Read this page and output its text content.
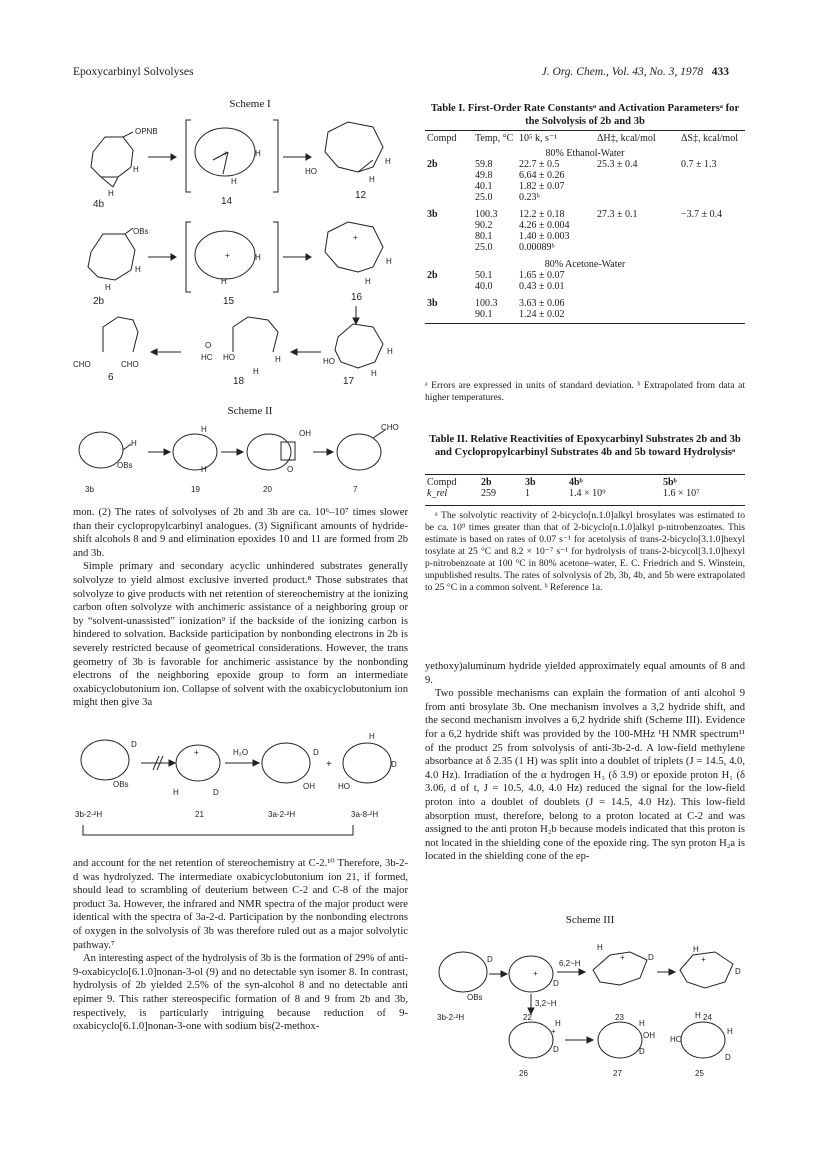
Epoxycarbinyl Solvolyses	J. Org. Chem., Vol. 43, No. 3, 1978 433
Scheme I
OPNB
H
H
4b
+	H
H
14
H
HO
H
12
OBs
H
H
2b
+	H
H
15
+
H
H
16
CHO	CHO
6
O
HC HO	H
H
18
HO
H
H
17
Scheme II
H
OBs
3b
H
H
19
OH
O
20
CHO
7

mon. (2) The rates of solvolyses of 2b and 3b are ca. 10⁶–10⁷ times slower than their cyclopropylcarbinyl analogues. (3) Significant amounts of hydride-shift alcohols 8 and 9 and elimination epoxides 10 and 11 are formed from 2b and 3b.

Simple primary and secondary acyclic unhindered substrates generally solvolyze to yield almost exclusive inverted product.⁸ Those substrates that solvolyze to give products with net retention of stereochemistry at the ionizing carbon often solvolyze with anchimeric assistance of a neighboring group or by “solvent-unassisted” ionization⁹ if the backside of the ionizing carbon is hindered to solvation. Backside participation by nonbonding electrons in 2b is severely restricted because of geometrical considerations. However, the trans geometry of 3b is favorable for anchimeric assistance by the nonbonding electrons of the neighboring epoxide group to form an intermediate oxabicyclobutonium ion. Collapse of solvent with the oxabicyclobutonium ion might then give 3a

D
OBs
3b-2-²H
+
H	D
21
H₂O	D
OH
3a-2-²H
+
H
D
HO
3a-8-²H

and account for the net retention of stereochemistry at C-2.¹⁰ Therefore, 3b-2-d was hydrolyzed. The intermediate oxabicyclobutonium ion 21, if formed, should lead to scrambling of deuterium between C-2 and C-8 of the major product 3a. However, the infrared and NMR spectra of the major product were identical with the spectra of 3a-2-d. Participation by the nonbonding electrons of oxygen in the solvolysis of 3b was therefore ruled out as a major solvolytic pathway.⁷

An interesting aspect of the hydrolysis of 3b is the formation of 29% of anti-9-oxabicyclo[6.1.0]nonan-3-ol (9) and no detectable syn isomer 8. In contrast, hydrolysis of 2b yielded 2.5% of the syn-alcohol 8 and no detectable anti epimer 9. This rather stereospecific formation of 8 and 9 from 2b and 3b, respectively, is particularly intriguing because reduction of 9-oxabicyclo[6.1.0]nonan-3-one with sodium bis(2-methox-

Table I. First-Order Rate Constantsᵃ and Activation Parametersᵃ for the Solvolysis of 2b and 3b
Compd	Temp, °C	10⁵ k, s⁻¹	ΔH‡, kcal/mol	ΔS‡, kcal/mol
80% Ethanol-Water				
2b	59.8	22.7 ± 0.5	25.3 ± 0.4	0.7 ± 1.3
	49.8	6.64 ± 0.26		
	40.1	1.82 ± 0.07		
	25.0	0.23ᵇ		
3b	100.3	12.2 ± 0.18	27.3 ± 0.1	−3.7 ± 0.4
	90.2	4.26 ± 0.004		
	80.1	1.40 ± 0.003		
	25.0	0.00089ᵇ		
80% Acetone-Water				
2b	50.1	1.65 ± 0.07		
	40.0	0.43 ± 0.01		
3b	100.3	3.63 ± 0.06		
	90.1	1.24 ± 0.02		

ᵃ Errors are expressed in units of standard deviation. ᵇ Extrapolated from data at higher temperatures.
Table II. Relative Reactivities of Epoxycarbinyl Substrates 2b and 3b and Cyclopropylcarbinyl Substrates 4b and 5b toward Hydrolysisᵃ
Compd	2b	3b	4bᵇ	5bᵇ
k_rel	259	1	1.4 × 10⁹	1.6 × 10⁷
ᵃ The solvolytic reactivity of 2-bicyclo[n.1.0]alkyl brosylates was estimated to be ca. 10⁹ times greater than that of 2-bicyclo[n.1.0]alkyl p-nitrobenzoates. This estimate is based on rates of 0.07 s⁻¹ for acetolysis of trans-2-bicyclo[3.1.0]hexyl tosylate at 25 °C and 8.2 × 10⁻⁷ s⁻¹ for hydrolysis of trans-2-bicycol[3.1.0]hexyl p-nitrobenzoate at 100 °C in 80% acetone–water, E. C. Friedrich and S. Winstein, unpublished results. The rates of solvolysis of 2b, 3b, 4b, and 5b were extrapolated to 25 °C in a common solvent. ᵇ Reference 1a.

yethoxy)aluminum hydride yielded approximately equal amounts of 8 and 9.

Two possible mechanisms can explain the formation of anti alcohol 9 from anti brosylate 3b. One mechanism involves a 3,2 hydride shift, and the second mechanism involves a 6,2 hydride shift (Scheme III). Evidence for a 6,2 hydride shift was provided by the 100-MHz ¹H NMR spectrum¹¹ of the product 25 from solvolysis of anti-3b-2-d. A low-field methylene absorbance at δ 2.35 (1 H) was split into a doublet of triplets (J = 14.5, 4.0, 4.0 Hz). Irradiation of the α hydrogen H₃ (δ 3.9) or epoxide proton H₁ (δ 3.06, d of t, J = 10.5, 4.0, 4.0 Hz) reduced the signal for the low-field proton into a doublet of doublets (J = 14.5, 4.0 Hz). This low-field absorption must, therefore, belong to a proton located at C-2 and was assigned to the anti proton H₂b because models indicated that this proton is not located in the shielding cone of the epoxide ring. The syn proton H₂a is located in the shielding cone of the ep-

Scheme III
D
OBs
3b-2-²H
+
D
22
6,2~H
+	D
H
23
H
+
D
24
3,2~H
+
H
D
26
OH
H
D
27
H
HO
H
D
25
